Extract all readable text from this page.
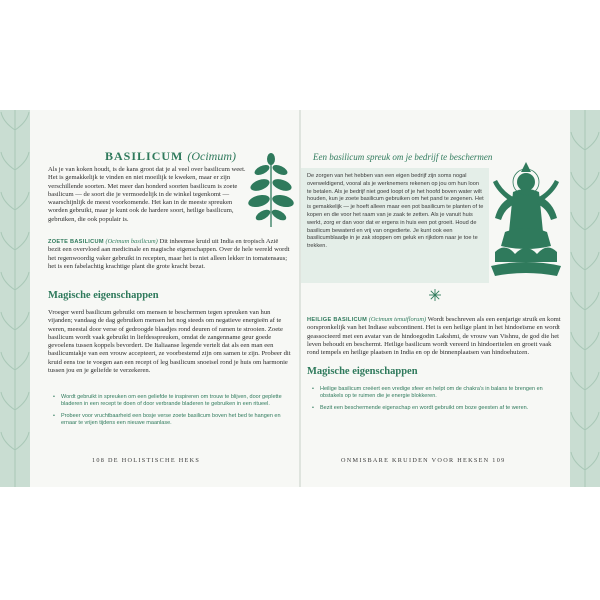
BASILICUM (Ocimum)
Als je van koken houdt, is de kans groot dat je al veel over basilicum weet. Het is gemakkelijk te vinden en niet moeilijk te kweken, maar er zijn verschillende soorten. Met meer dan honderd soorten basilicum is zoete basilicum — de soort die je vermoedelijk in de winkel tegenkomt — waarschijnlijk de meest voorkomende. Het kan in de meeste spreuken worden gebruikt, maar je kunt ook de hardere soort, heilige basilicum, gebruiken, die ook populair is.
ZOETE BASILICUM (Ocimum basilicum) Dit inheemse kruid uit India en tropisch Azië bezit een overvloed aan medicinale en magische eigenschappen. Over de hele wereld wordt het regenwoordig vaker gebruikt in recepten, maar het is niet alleen lekker in tomatensaus; het is een fabelachtig krachtige plant die grote kracht bezat.
Magische eigenschappen
Vroeger werd basilicum gebruikt om mensen te beschermen tegen spreuken van hun vijanden; vandaag de dag gebruiken mensen het nog steeds om negatieve energieën af te weren, meestal door verse of gedroogde blaadjes rond deuren of ramen te strooien. Zoete basilicum wordt vaak gebruikt in liefdesspreuken, omdat de zangenname geur goede gevoelens tussen koppels bevordert. De Italiaanse legende vertelt dat als een man een basilicumtakje van een vrouw accepteert, ze voorbestemd zijn om samen te zijn. Probeer dit kruid eens toe te voegen aan een recept of leg basilicum snoeisel rond je huis om harmonie tussen jou en je geliefde te verzekeren.
• Wordt gebruikt in spreuken om een geliefde te inspireren om trouw te blijven, door geplette bladeren in een recept te doen of door verbrande bladeren te gebruiken in een ritueel.
• Probeer voor vruchtbaarheid een bosje verse zoete basilicum boven het bed te hangen en ernaar te vrijen tijdens een nieuwe maanlase.
108 DE HOLISTISCHE HEKS
Een basilicum spreuk om je bedrijf te beschermen
De zorgen van het hebben van een eigen bedrijf zijn soms nogal overweldigend, vooral als je werknemers rekenen op jou om hun loon te betalen. Als je bedrijf niet goed loopt of je het hoofd boven water wilt houden, kun je zoete basilicum gebruiken om het pand te zegenen. Het is gemakkelijk — je hoeft alleen maar een pot basilicum te planten of te kopen en die voor het raam van je zaak te zetten. Als je vanuit huis werkt, zorg er dan voor dat er ergens in huis een pot groeit. Houd de basilicum bewaterd en vrij van ongedierte. Je kunt ook een basilicumblaadje in je zak stoppen om geluk en rijkdom naar je toe te trekken.
HEILIGE BASILICUM (Ocimum tenuiflorum) Wordt beschreven als een eenjarige struik en komt oorspronkelijk van het Indiase subcontinent. Het is een heilige plant in het hindoeïsme en wordt geassocieerd met een avatar van de hindoegodin Lakshmi, de vrouw van Vishnu, de god die het leven behoudt en beschermt. Heilige basilicum wordt vereerd in hindoeritelen en groeit vaak rond tempels en heilige plaatsen in India en op de binnenplaatsen van hindoehuizen.
Magische eigenschappen
• Heilige basilicum creëert een vredige sfeer en helpt om de chakra's in balans te brengen en obstakels op te ruimen die je energie blokkeren.
• Bezit een beschermende eigenschap en wordt gebruikt om boze geesten af te weren.
ONMISBARE KRUIDEN VOOR HEKSEN 109
